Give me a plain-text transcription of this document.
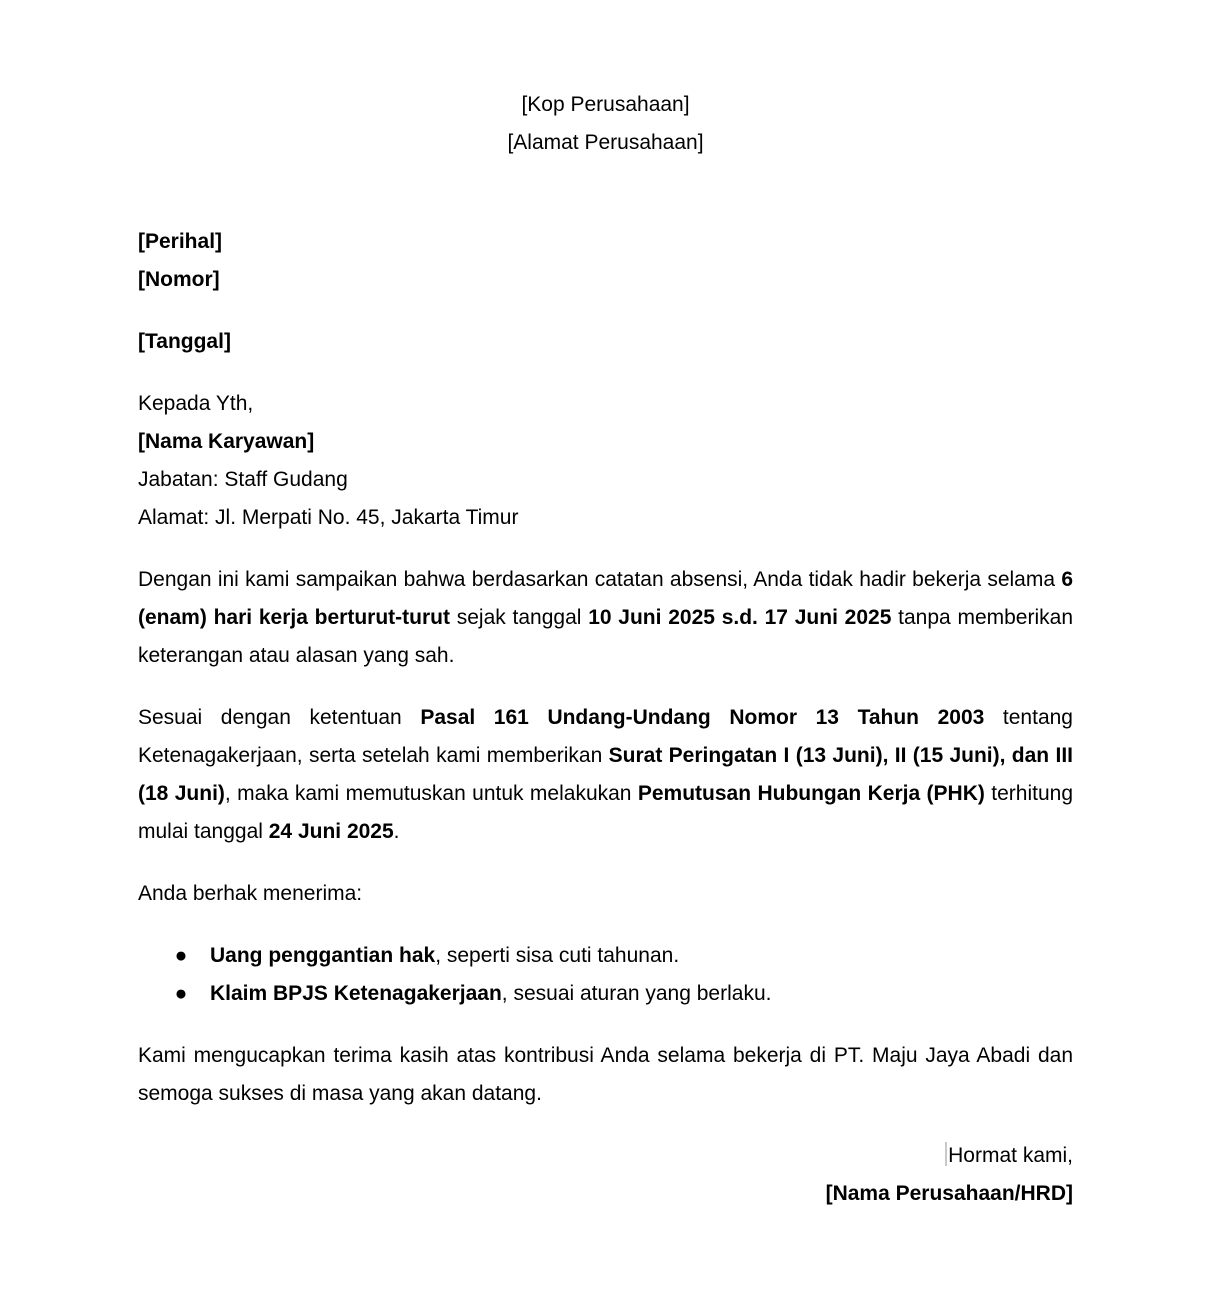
[Kop Perusahaan]

[Alamat Perusahaan]

[Perihal]

[Nomor]

[Tanggal]

Kepada Yth,

[Nama Karyawan]

Jabatan: Staff Gudang

Alamat: Jl. Merpati No. 45, Jakarta Timur

Dengan ini kami sampaikan bahwa berdasarkan catatan absensi, Anda tidak hadir bekerja selama 6 (enam) hari kerja berturut-turut sejak tanggal 10 Juni 2025 s.d. 17 Juni 2025 tanpa memberikan keterangan atau alasan yang sah.

Sesuai dengan ketentuan Pasal 161 Undang-Undang Nomor 13 Tahun 2003 tentang Ketenagakerjaan, serta setelah kami memberikan Surat Peringatan I (13 Juni), II (15 Juni), dan III (18 Juni), maka kami memutuskan untuk melakukan Pemutusan Hubungan Kerja (PHK) terhitung mulai tanggal 24 Juni 2025.

Anda berhak menerima:

● Uang penggantian hak, seperti sisa cuti tahunan.
● Klaim BPJS Ketenagakerjaan, sesuai aturan yang berlaku.

Kami mengucapkan terima kasih atas kontribusi Anda selama bekerja di PT. Maju Jaya Abadi dan semoga sukses di masa yang akan datang.

Hormat kami,

[Nama Perusahaan/HRD]
